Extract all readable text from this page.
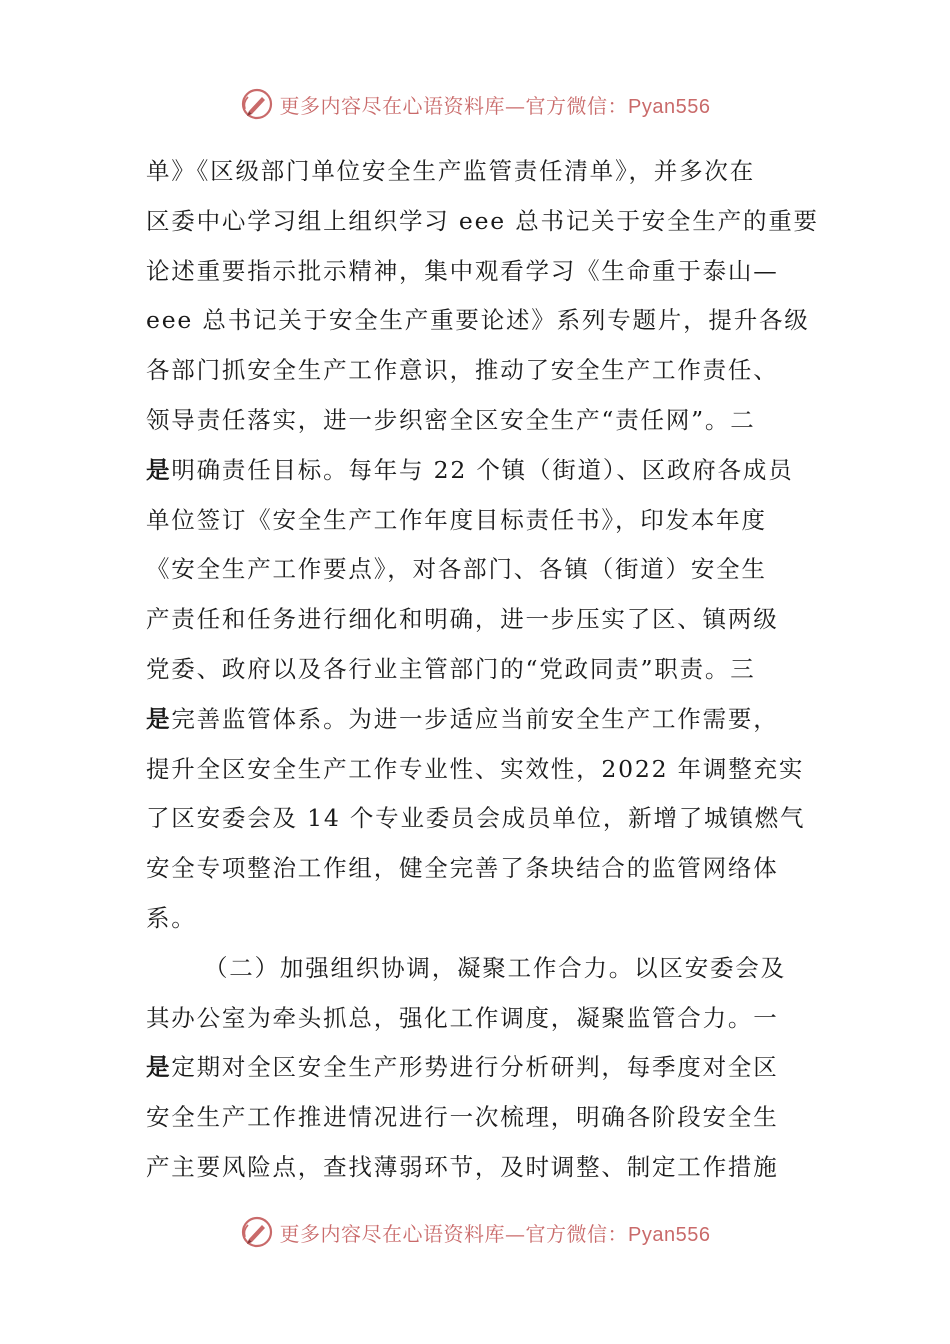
更多内容尽在心语资料库—官方微信：Pyan556
单》《区级部门单位安全生产监管责任清单》，并多次在
区委中心学习组上组织学习 eee 总书记关于安全生产的重要
论述重要指示批示精神，集中观看学习《生命重于泰山—
eee 总书记关于安全生产重要论述》系列专题片，提升各级
各部门抓安全生产工作意识，推动了安全生产工作责任、
领导责任落实，进一步织密全区安全生产“责任网”。二
是明确责任目标。每年与 22 个镇（街道）、区政府各成员
单位签订《安全生产工作年度目标责任书》，印发本年度
《安全生产工作要点》，对各部门、各镇（街道）安全生
产责任和任务进行细化和明确，进一步压实了区、镇两级
党委、政府以及各行业主管部门的“党政同责”职责。三
是完善监管体系。为进一步适应当前安全生产工作需要，
提升全区安全生产工作专业性、实效性，2022 年调整充实
了区安委会及 14 个专业委员会成员单位，新增了城镇燃气
安全专项整治工作组，健全完善了条块结合的监管网络体
系。
（二）加强组织协调，凝聚工作合力。以区安委会及
其办公室为牵头抓总，强化工作调度，凝聚监管合力。一
是定期对全区安全生产形势进行分析研判，每季度对全区
安全生产工作推进情况进行一次梳理，明确各阶段安全生
产主要风险点，查找薄弱环节，及时调整、制定工作措施
更多内容尽在心语资料库—官方微信：Pyan556
